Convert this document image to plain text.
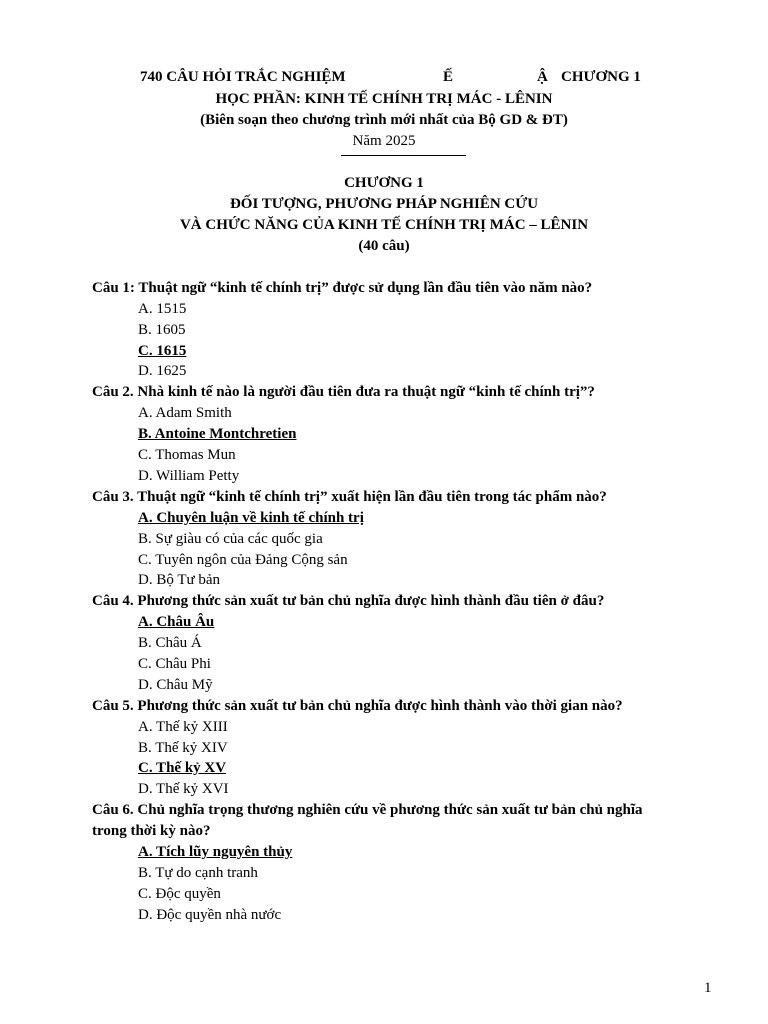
740 CÂU HỎI TRẮC NGHIỆM	Ế	Ậ CHƯƠNG 1
HỌC PHẦN: KINH TẾ CHÍNH TRỊ MÁC - LÊNIN
(Biên soạn theo chương trình mới nhất của Bộ GD & ĐT)
Năm 2025
CHƯƠNG 1
ĐỐI TƯỢNG, PHƯƠNG PHÁP NGHIÊN CỨU
VÀ CHỨC NĂNG CỦA KINH TẾ CHÍNH TRỊ MÁC – LÊNIN
(40 câu)
Câu 1: Thuật ngữ “kinh tế chính trị” được sử dụng lần đầu tiên vào năm nào?
A. 1515
B. 1605
C. 1615
D. 1625
Câu 2. Nhà kinh tế nào là người đầu tiên đưa ra thuật ngữ “kinh tế chính trị”?
A. Adam Smith
B. Antoine Montchretien
C. Thomas Mun
D. William Petty
Câu 3. Thuật ngữ “kinh tế chính trị” xuất hiện lần đầu tiên trong tác phẩm nào?
A. Chuyên luận về kinh tế chính trị
B. Sự giàu có của các quốc gia
C. Tuyên ngôn của Đảng Cộng sản
D. Bộ Tư bản
Câu 4. Phương thức sản xuất tư bản chủ nghĩa được hình thành đầu tiên ở đâu?
A. Châu Âu
B. Châu Á
C. Châu Phi
D. Châu Mỹ
Câu 5. Phương thức sản xuất tư bản chủ nghĩa được hình thành vào thời gian nào?
A. Thế kỷ XIII
B. Thế kỷ XIV
C. Thế kỷ XV
D. Thế kỷ XVI
Câu 6. Chủ nghĩa trọng thương nghiên cứu về phương thức sản xuất tư bản chủ nghĩa
trong thời kỳ nào?
A. Tích lũy nguyên thủy
B. Tự do cạnh tranh
C. Độc quyền
D. Độc quyền nhà nước
1
